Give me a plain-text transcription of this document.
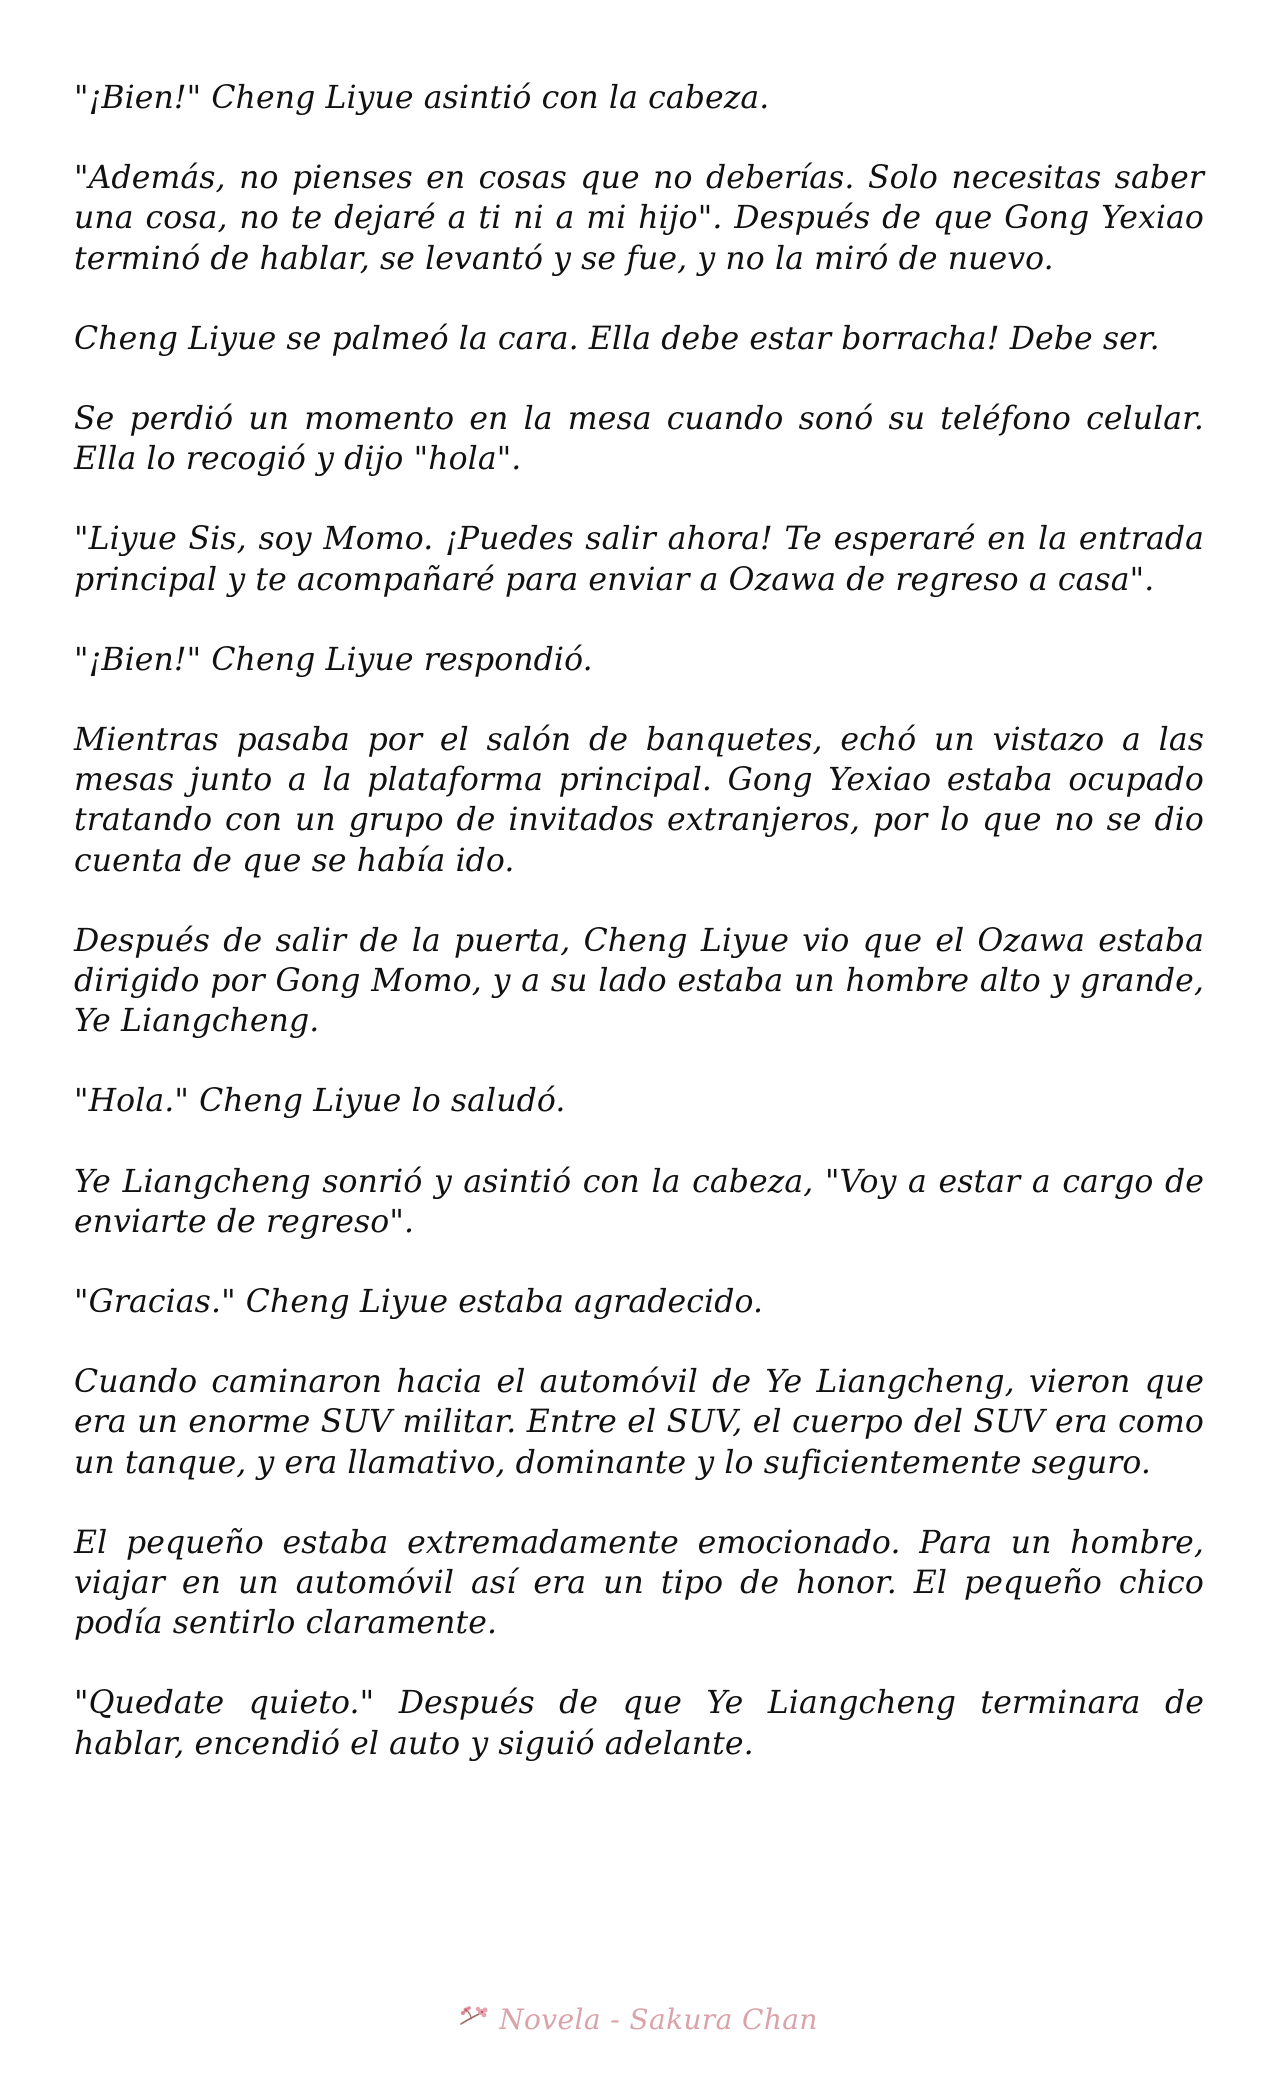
"¡Bien!" Cheng Liyue asintió con la cabeza.

"Además, no pienses en cosas que no deberías. Solo necesitas saber una cosa, no te dejaré a ti ni a mi hijo". Después de que Gong Yexiao terminó de hablar, se levantó y se fue, y no la miró de nuevo.

Cheng Liyue se palmeó la cara. Ella debe estar borracha! Debe ser.

Se perdió un momento en la mesa cuando sonó su teléfono celular. Ella lo recogió y dijo "hola".

"Liyue Sis, soy Momo. ¡Puedes salir ahora! Te esperaré en la entrada principal y te acompañaré para enviar a Ozawa de regreso a casa".

"¡Bien!" Cheng Liyue respondió.

Mientras pasaba por el salón de banquetes, echó un vistazo a las mesas junto a la plataforma principal. Gong Yexiao estaba ocupado tratando con un grupo de invitados extranjeros, por lo que no se dio cuenta de que se había ido.

Después de salir de la puerta, Cheng Liyue vio que el Ozawa estaba dirigido por Gong Momo, y a su lado estaba un hombre alto y grande, Ye Liangcheng.

"Hola." Cheng Liyue lo saludó.

Ye Liangcheng sonrió y asintió con la cabeza, "Voy a estar a cargo de enviarte de regreso".

"Gracias." Cheng Liyue estaba agradecido.

Cuando caminaron hacia el automóvil de Ye Liangcheng, vieron que era un enorme SUV militar. Entre el SUV, el cuerpo del SUV era como un tanque, y era llamativo, dominante y lo suficientemente seguro.

El pequeño estaba extremadamente emocionado. Para un hombre, viajar en un automóvil así era un tipo de honor. El pequeño chico podía sentirlo claramente.

"Quedate quieto." Después de que Ye Liangcheng terminara de hablar, encendió el auto y siguió adelante.

Novela - Sakura Chan
